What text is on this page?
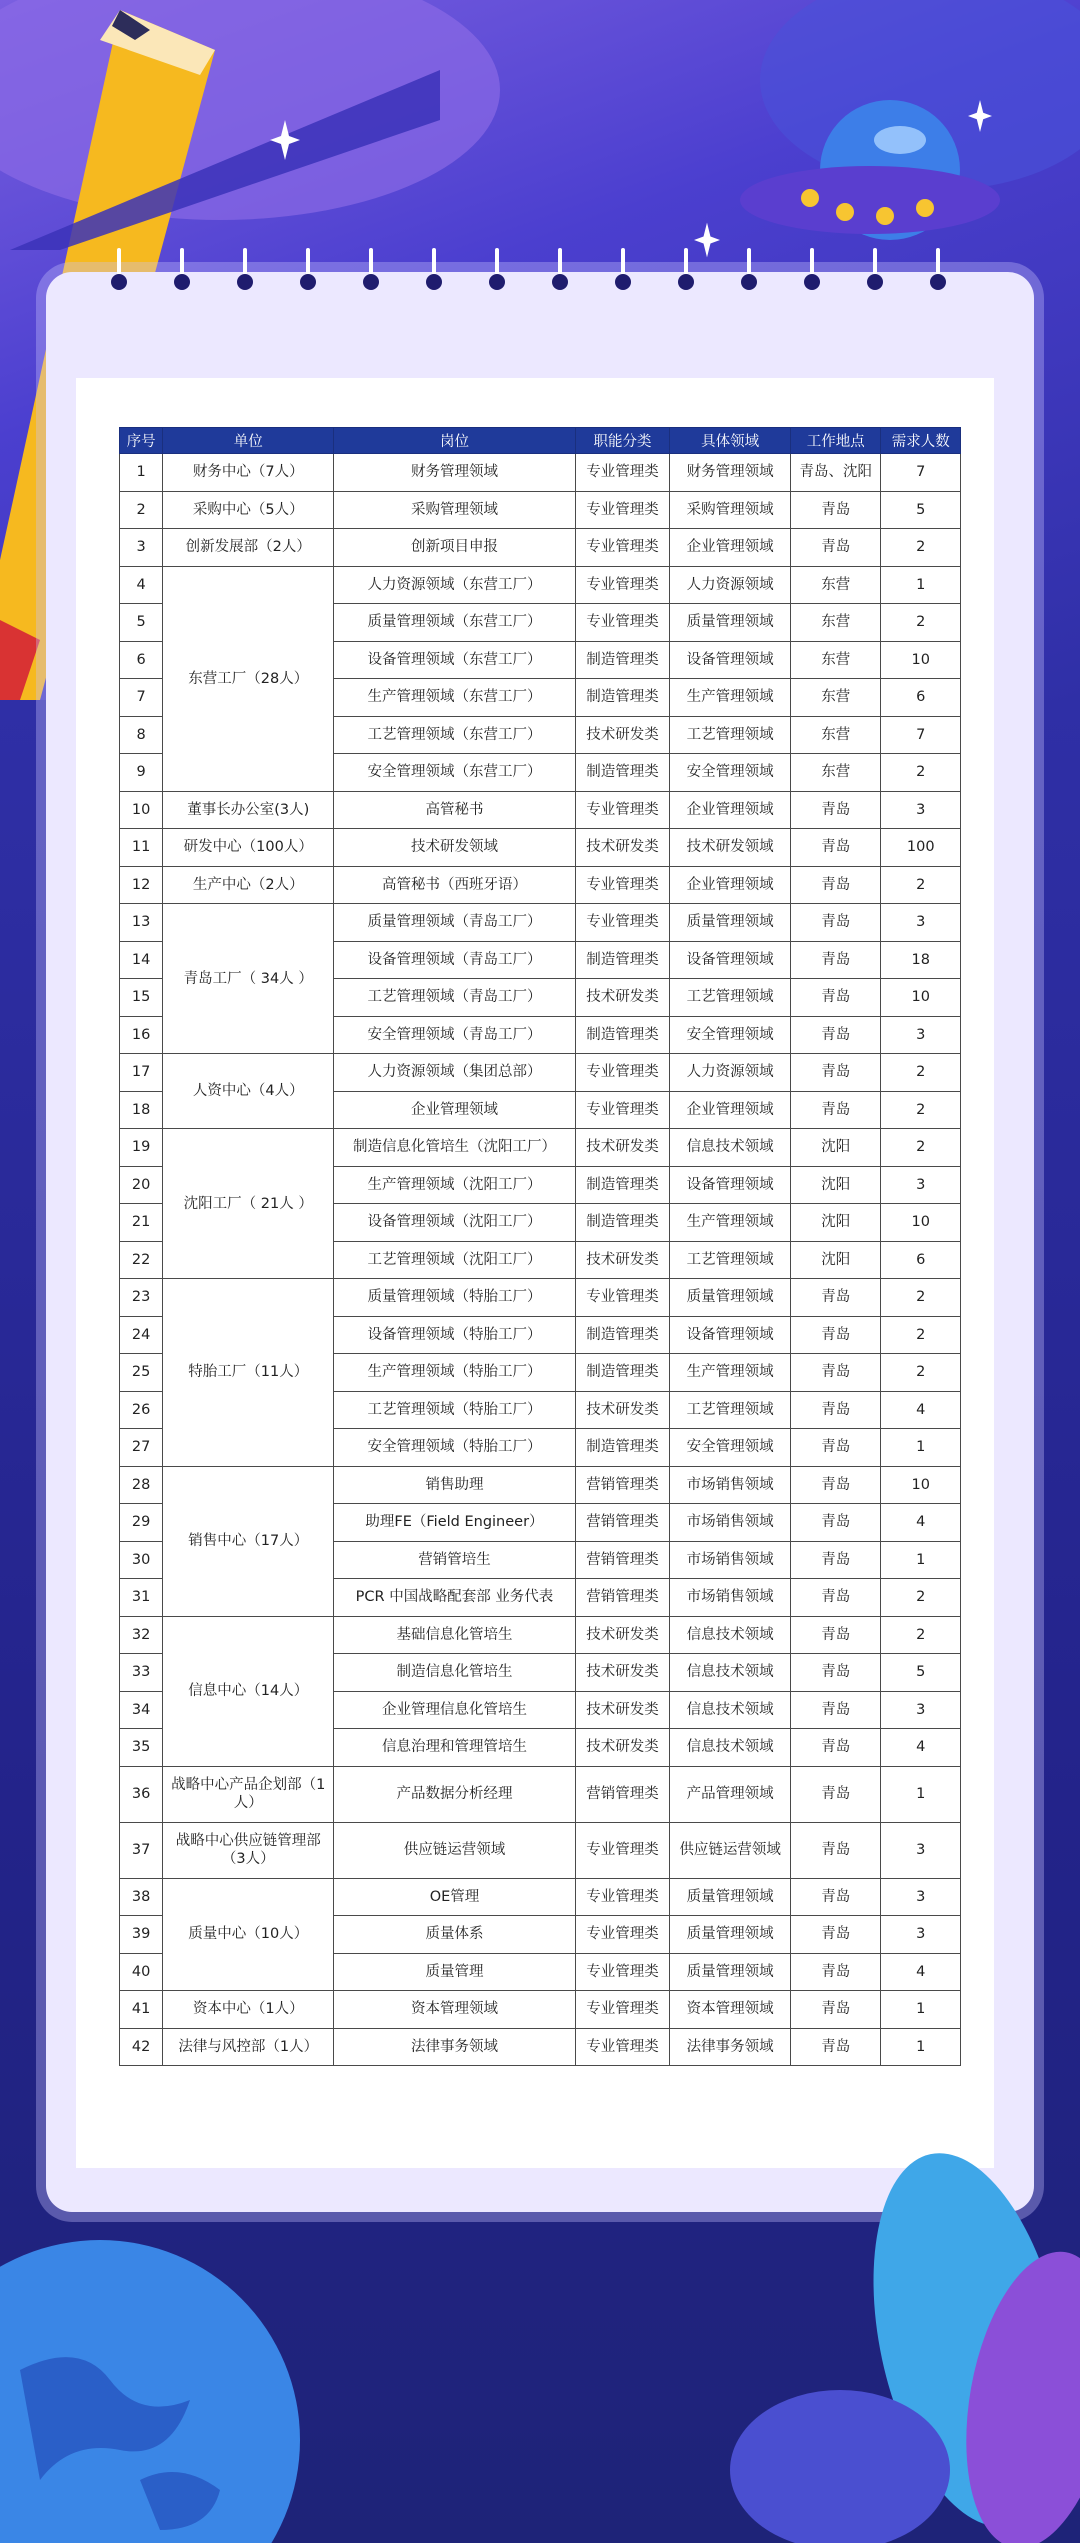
序号	单位	岗位	职能分类	具体领域	工作地点	需求人数
1	财务中心（7人）	财务管理领域	专业管理类	财务管理领域	青岛、沈阳	7
2	采购中心（5人）	采购管理领域	专业管理类	采购管理领域	青岛	5
3	创新发展部（2人）	创新项目申报	专业管理类	企业管理领域	青岛	2
4	东营工厂（28人）	人力资源领域（东营工厂）	专业管理类	人力资源领域	东营	1
5		质量管理领域（东营工厂）	专业管理类	质量管理领域	东营	2
6		设备管理领域（东营工厂）	制造管理类	设备管理领域	东营	10
7		生产管理领域（东营工厂）	制造管理类	生产管理领域	东营	6
8		工艺管理领域（东营工厂）	技术研发类	工艺管理领域	东营	7
9		安全管理领域（东营工厂）	制造管理类	安全管理领域	东营	2
10	董事长办公室(3人)	高管秘书	专业管理类	企业管理领域	青岛	3
11	研发中心（100人）	技术研发领域	技术研发类	技术研发领域	青岛	100
12	生产中心（2人）	高管秘书（西班牙语）	专业管理类	企业管理领域	青岛	2
13	青岛工厂（ 34人 ）	质量管理领域（青岛工厂）	专业管理类	质量管理领域	青岛	3
14		设备管理领域（青岛工厂）	制造管理类	设备管理领域	青岛	18
15		工艺管理领域（青岛工厂）	技术研发类	工艺管理领域	青岛	10
16		安全管理领域（青岛工厂）	制造管理类	安全管理领域	青岛	3
17	人资中心（4人）	人力资源领域（集团总部）	专业管理类	人力资源领域	青岛	2
18		企业管理领域	专业管理类	企业管理领域	青岛	2
19	沈阳工厂（ 21人 ）	制造信息化管培生（沈阳工厂）	技术研发类	信息技术领域	沈阳	2
20		生产管理领域（沈阳工厂）	制造管理类	设备管理领域	沈阳	3
21		设备管理领域（沈阳工厂）	制造管理类	生产管理领域	沈阳	10
22		工艺管理领域（沈阳工厂）	技术研发类	工艺管理领域	沈阳	6
23	特胎工厂（11人）	质量管理领域（特胎工厂）	专业管理类	质量管理领域	青岛	2
24		设备管理领域（特胎工厂）	制造管理类	设备管理领域	青岛	2
25		生产管理领域（特胎工厂）	制造管理类	生产管理领域	青岛	2
26		工艺管理领域（特胎工厂）	技术研发类	工艺管理领域	青岛	4
27		安全管理领域（特胎工厂）	制造管理类	安全管理领域	青岛	1
28	销售中心（17人）	销售助理	营销管理类	市场销售领域	青岛	10
29		助理FE（Field Engineer）	营销管理类	市场销售领域	青岛	4
30		营销管培生	营销管理类	市场销售领域	青岛	1
31		PCR 中国战略配套部 业务代表	营销管理类	市场销售领域	青岛	2
32	信息中心（14人）	基础信息化管培生	技术研发类	信息技术领域	青岛	2
33		制造信息化管培生	技术研发类	信息技术领域	青岛	5
34		企业管理信息化管培生	技术研发类	信息技术领域	青岛	3
35		信息治理和管理管培生	技术研发类	信息技术领域	青岛	4
36	战略中心产品企划部（1人）	产品数据分析经理	营销管理类	产品管理领域	青岛	1
37	战略中心供应链管理部（3人）	供应链运营领域	专业管理类	供应链运营领域	青岛	3
38	质量中心（10人）	OE管理	专业管理类	质量管理领域	青岛	3
39		质量体系	专业管理类	质量管理领域	青岛	3
40		质量管理	专业管理类	质量管理领域	青岛	4
41	资本中心（1人）	资本管理领域	专业管理类	资本管理领域	青岛	1
42	法律与风控部（1人）	法律事务领域	专业管理类	法律事务领域	青岛	1
